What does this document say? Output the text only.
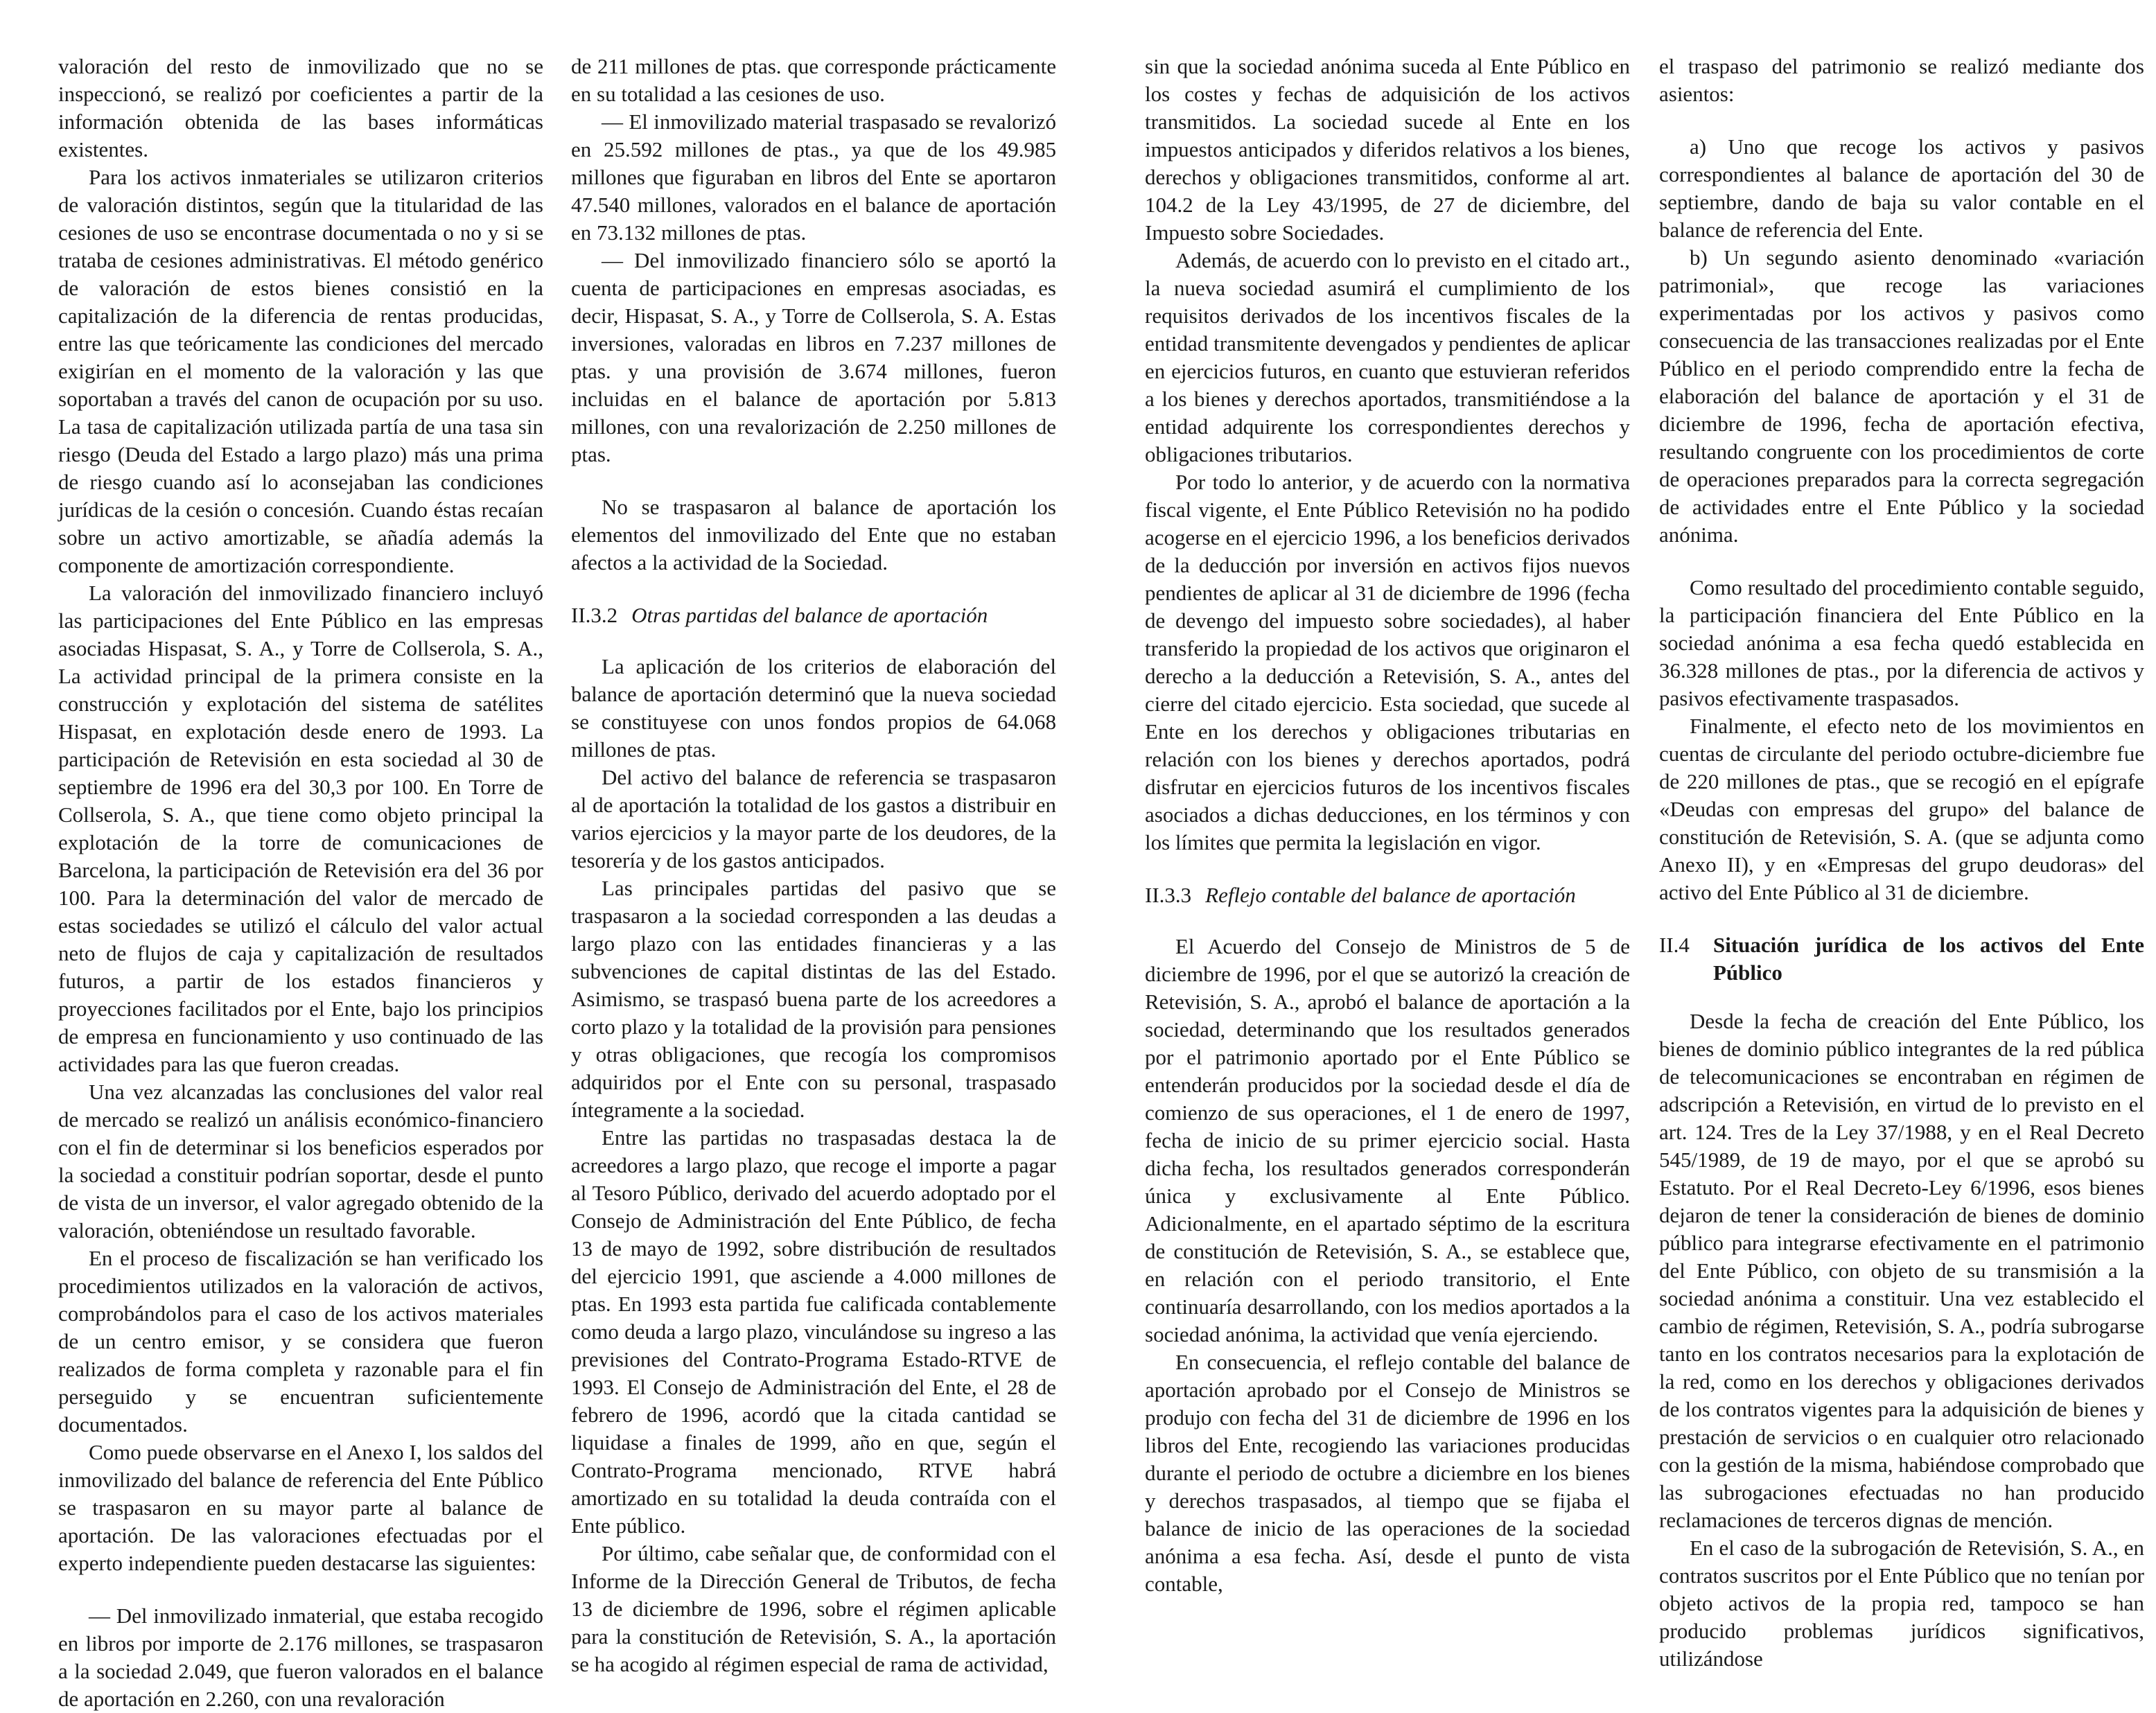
valoración del resto de inmovilizado que no se inspeccionó, se realizó por coeficientes a partir de la información obtenida de las bases informáticas existentes.

Para los activos inmateriales se utilizaron criterios de valoración distintos, según que la titularidad de las cesiones de uso se encontrase documentada o no y si se trataba de cesiones administrativas. El método genérico de valoración de estos bienes consistió en la capitalización de la diferencia de rentas producidas, entre las que teóricamente las condiciones del mercado exigirían en el momento de la valoración y las que soportaban a través del canon de ocupación por su uso. La tasa de capitalización utilizada partía de una tasa sin riesgo (Deuda del Estado a largo plazo) más una prima de riesgo cuando así lo aconsejaban las condiciones jurídicas de la cesión o concesión. Cuando éstas recaían sobre un activo amortizable, se añadía además la componente de amortización correspondiente.

La valoración del inmovilizado financiero incluyó las participaciones del Ente Público en las empresas asociadas Hispasat, S. A., y Torre de Collserola, S. A., La actividad principal de la primera consiste en la construcción y explotación del sistema de satélites Hispasat, en explotación desde enero de 1993. La participación de Retevisión en esta sociedad al 30 de septiembre de 1996 era del 30,3 por 100. En Torre de Collserola, S. A., que tiene como objeto principal la explotación de la torre de comunicaciones de Barcelona, la participación de Retevisión era del 36 por 100. Para la determinación del valor de mercado de estas sociedades se utilizó el cálculo del valor actual neto de flujos de caja y capitalización de resultados futuros, a partir de los estados financieros y proyecciones facilitados por el Ente, bajo los principios de empresa en funcionamiento y uso continuado de las actividades para las que fueron creadas.

Una vez alcanzadas las conclusiones del valor real de mercado se realizó un análisis económico-financiero con el fin de determinar si los beneficios esperados por la sociedad a constituir podrían soportar, desde el punto de vista de un inversor, el valor agregado obtenido de la valoración, obteniéndose un resultado favorable.

En el proceso de fiscalización se han verificado los procedimientos utilizados en la valoración de activos, comprobándolos para el caso de los activos materiales de un centro emisor, y se considera que fueron realizados de forma completa y razonable para el fin perseguido y se encuentran suficientemente documentados.

Como puede observarse en el Anexo I, los saldos del inmovilizado del balance de referencia del Ente Público se traspasaron en su mayor parte al balance de aportación. De las valoraciones efectuadas por el experto independiente pueden destacarse las siguientes:

— Del inmovilizado inmaterial, que estaba recogido en libros por importe de 2.176 millones, se traspasaron a la sociedad 2.049, que fueron valorados en el balance de aportación en 2.260, con una revaloración

de 211 millones de ptas. que corresponde prácticamente en su totalidad a las cesiones de uso.

— El inmovilizado material traspasado se revalorizó en 25.592 millones de ptas., ya que de los 49.985 millones que figuraban en libros del Ente se aportaron 47.540 millones, valorados en el balance de aportación en 73.132 millones de ptas.

— Del inmovilizado financiero sólo se aportó la cuenta de participaciones en empresas asociadas, es decir, Hispasat, S. A., y Torre de Collserola, S. A. Estas inversiones, valoradas en libros en 7.237 millones de ptas. y una provisión de 3.674 millones, fueron incluidas en el balance de aportación por 5.813 millones, con una revalorización de 2.250 millones de ptas.

No se traspasaron al balance de aportación los elementos del inmovilizado del Ente que no estaban afectos a la actividad de la Sociedad.

II.3.2 Otras partidas del balance de aportación

La aplicación de los criterios de elaboración del balance de aportación determinó que la nueva sociedad se constituyese con unos fondos propios de 64.068 millones de ptas.

Del activo del balance de referencia se traspasaron al de aportación la totalidad de los gastos a distribuir en varios ejercicios y la mayor parte de los deudores, de la tesorería y de los gastos anticipados.

Las principales partidas del pasivo que se traspasaron a la sociedad corresponden a las deudas a largo plazo con las entidades financieras y a las subvenciones de capital distintas de las del Estado. Asimismo, se traspasó buena parte de los acreedores a corto plazo y la totalidad de la provisión para pensiones y otras obligaciones, que recogía los compromisos adquiridos por el Ente con su personal, traspasado íntegramente a la sociedad.

Entre las partidas no traspasadas destaca la de acreedores a largo plazo, que recoge el importe a pagar al Tesoro Público, derivado del acuerdo adoptado por el Consejo de Administración del Ente Público, de fecha 13 de mayo de 1992, sobre distribución de resultados del ejercicio 1991, que asciende a 4.000 millones de ptas. En 1993 esta partida fue calificada contablemente como deuda a largo plazo, vinculándose su ingreso a las previsiones del Contrato-Programa Estado-RTVE de 1993. El Consejo de Administración del Ente, el 28 de febrero de 1996, acordó que la citada cantidad se liquidase a finales de 1999, año en que, según el Contrato-Programa mencionado, RTVE habrá amortizado en su totalidad la deuda contraída con el Ente público.

Por último, cabe señalar que, de conformidad con el Informe de la Dirección General de Tributos, de fecha 13 de diciembre de 1996, sobre el régimen aplicable para la constitución de Retevisión, S. A., la aportación se ha acogido al régimen especial de rama de actividad,

sin que la sociedad anónima suceda al Ente Público en los costes y fechas de adquisición de los activos transmitidos. La sociedad sucede al Ente en los impuestos anticipados y diferidos relativos a los bienes, derechos y obligaciones transmitidos, conforme al art. 104.2 de la Ley 43/1995, de 27 de diciembre, del Impuesto sobre Sociedades.

Además, de acuerdo con lo previsto en el citado art., la nueva sociedad asumirá el cumplimiento de los requisitos derivados de los incentivos fiscales de la entidad transmitente devengados y pendientes de aplicar en ejercicios futuros, en cuanto que estuvieran referidos a los bienes y derechos aportados, transmitiéndose a la entidad adquirente los correspondientes derechos y obligaciones tributarios.

Por todo lo anterior, y de acuerdo con la normativa fiscal vigente, el Ente Público Retevisión no ha podido acogerse en el ejercicio 1996, a los beneficios derivados de la deducción por inversión en activos fijos nuevos pendientes de aplicar al 31 de diciembre de 1996 (fecha de devengo del impuesto sobre sociedades), al haber transferido la propiedad de los activos que originaron el derecho a la deducción a Retevisión, S. A., antes del cierre del citado ejercicio. Esta sociedad, que sucede al Ente en los derechos y obligaciones tributarias en relación con los bienes y derechos aportados, podrá disfrutar en ejercicios futuros de los incentivos fiscales asociados a dichas deducciones, en los términos y con los límites que permita la legislación en vigor.

II.3.3 Reflejo contable del balance de aportación

El Acuerdo del Consejo de Ministros de 5 de diciembre de 1996, por el que se autorizó la creación de Retevisión, S. A., aprobó el balance de aportación a la sociedad, determinando que los resultados generados por el patrimonio aportado por el Ente Público se entenderán producidos por la sociedad desde el día de comienzo de sus operaciones, el 1 de enero de 1997, fecha de inicio de su primer ejercicio social. Hasta dicha fecha, los resultados generados corresponderán única y exclusivamente al Ente Público. Adicionalmente, en el apartado séptimo de la escritura de constitución de Retevisión, S. A., se establece que, en relación con el periodo transitorio, el Ente continuaría desarrollando, con los medios aportados a la sociedad anónima, la actividad que venía ejerciendo.

En consecuencia, el reflejo contable del balance de aportación aprobado por el Consejo de Ministros se produjo con fecha del 31 de diciembre de 1996 en los libros del Ente, recogiendo las variaciones producidas durante el periodo de octubre a diciembre en los bienes y derechos traspasados, al tiempo que se fijaba el balance de inicio de las operaciones de la sociedad anónima a esa fecha. Así, desde el punto de vista contable,

el traspaso del patrimonio se realizó mediante dos asientos:

a) Uno que recoge los activos y pasivos correspondientes al balance de aportación del 30 de septiembre, dando de baja su valor contable en el balance de referencia del Ente.

b) Un segundo asiento denominado «variación patrimonial», que recoge las variaciones experimentadas por los activos y pasivos como consecuencia de las transacciones realizadas por el Ente Público en el periodo comprendido entre la fecha de elaboración del balance de aportación y el 31 de diciembre de 1996, fecha de aportación efectiva, resultando congruente con los procedimientos de corte de operaciones preparados para la correcta segregación de actividades entre el Ente Público y la sociedad anónima.

Como resultado del procedimiento contable seguido, la participación financiera del Ente Público en la sociedad anónima a esa fecha quedó establecida en 36.328 millones de ptas., por la diferencia de activos y pasivos efectivamente traspasados.

Finalmente, el efecto neto de los movimientos en cuentas de circulante del periodo octubre-diciembre fue de 220 millones de ptas., que se recogió en el epígrafe «Deudas con empresas del grupo» del balance de constitución de Retevisión, S. A. (que se adjunta como Anexo II), y en «Empresas del grupo deudoras» del activo del Ente Público al 31 de diciembre.

II.4	Situación jurídica de los activos del Ente Público

Desde la fecha de creación del Ente Público, los bienes de dominio público integrantes de la red pública de telecomunicaciones se encontraban en régimen de adscripción a Retevisión, en virtud de lo previsto en el art. 124. Tres de la Ley 37/1988, y en el Real Decreto 545/1989, de 19 de mayo, por el que se aprobó su Estatuto. Por el Real Decreto-Ley 6/1996, esos bienes dejaron de tener la consideración de bienes de dominio público para integrarse efectivamente en el patrimonio del Ente Público, con objeto de su transmisión a la sociedad anónima a constituir. Una vez establecido el cambio de régimen, Retevisión, S. A., podría subrogarse tanto en los contratos necesarios para la explotación de la red, como en los derechos y obligaciones derivados de los contratos vigentes para la adquisición de bienes y prestación de servicios o en cualquier otro relacionado con la gestión de la misma, habiéndose comprobado que las subrogaciones efectuadas no han producido reclamaciones de terceros dignas de mención.

En el caso de la subrogación de Retevisión, S. A., en contratos suscritos por el Ente Público que no tenían por objeto activos de la propia red, tampoco se han producido problemas jurídicos significativos, utilizándose
